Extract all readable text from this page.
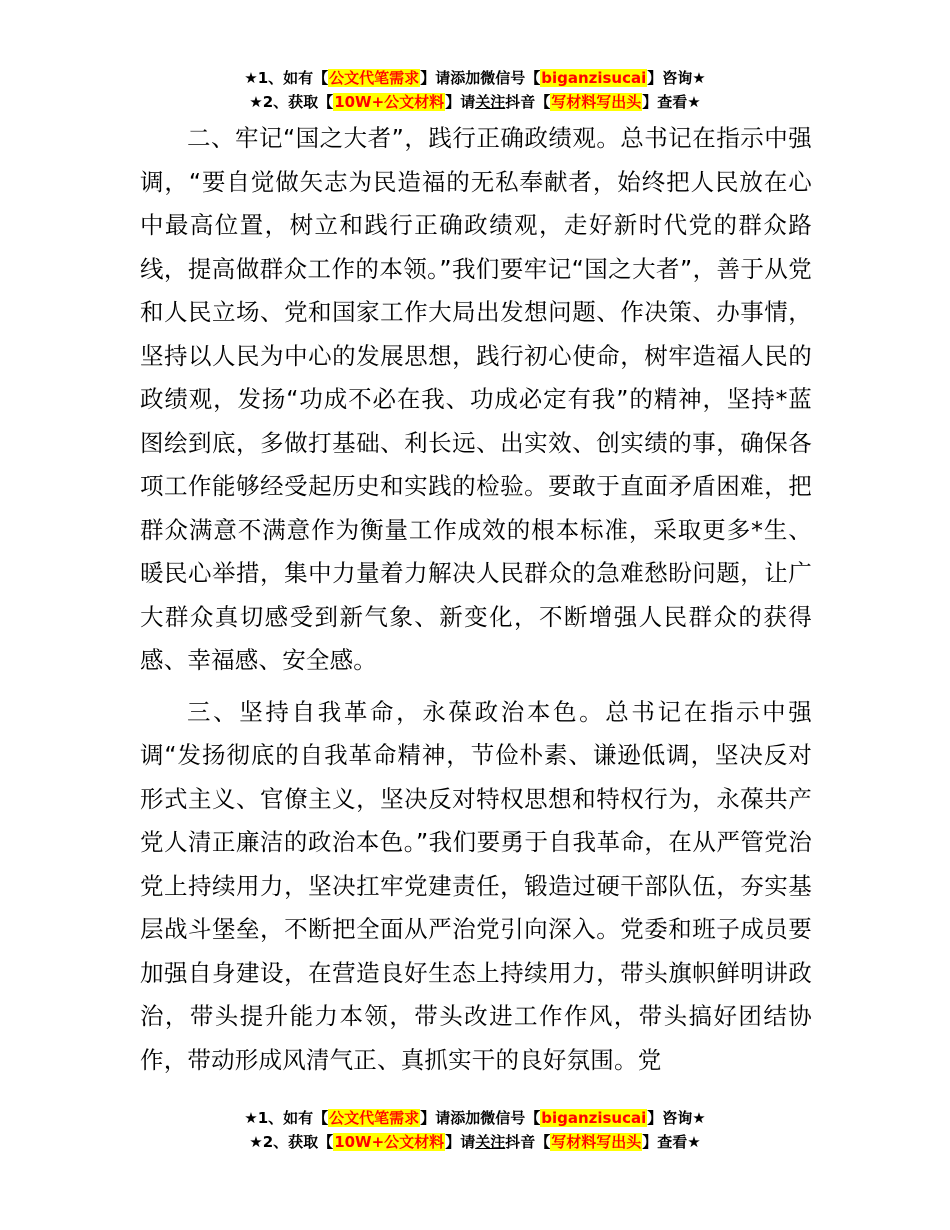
★1、如有【公文代笔需求】请添加微信号【biganzisucai】咨询★
★2、获取【10W+公文材料】请关注抖音【写材料写出头】查看★

二、牢记“国之大者”，践行正确政绩观。总书记在指示中强调，“要自觉做矢志为民造福的无私奉献者，始终把人民放在心中最高位置，树立和践行正确政绩观，走好新时代党的群众路线，提高做群众工作的本领。”我们要牢记“国之大者”，善于从党和人民立场、党和国家工作大局出发想问题、作决策、办事情，坚持以人民为中心的发展思想，践行初心使命，树牢造福人民的政绩观，发扬“功成不必在我、功成必定有我”的精神，坚持*蓝图绘到底，多做打基础、利长远、出实效、创实绩的事，确保各项工作能够经受起历史和实践的检验。要敢于直面矛盾困难，把群众满意不满意作为衡量工作成效的根本标准，采取更多*生、暖民心举措，集中力量着力解决人民群众的急难愁盼问题，让广大群众真切感受到新气象、新变化，不断增强人民群众的获得感、幸福感、安全感。

三、坚持自我革命，永葆政治本色。总书记在指示中强调“发扬彻底的自我革命精神，节俭朴素、谦逊低调，坚决反对形式主义、官僚主义，坚决反对特权思想和特权行为，永葆共产党人清正廉洁的政治本色。”我们要勇于自我革命，在从严管党治党上持续用力，坚决扛牢党建责任，锻造过硬干部队伍，夯实基层战斗堡垒，不断把全面从严治党引向深入。党委和班子成员要加强自身建设，在营造良好生态上持续用力，带头旗帜鲜明讲政治，带头提升能力本领，带头改进工作作风，带头搞好团结协作，带动形成风清气正、真抓实干的良好氛围。党

★1、如有【公文代笔需求】请添加微信号【biganzisucai】咨询★
★2、获取【10W+公文材料】请关注抖音【写材料写出头】查看★
